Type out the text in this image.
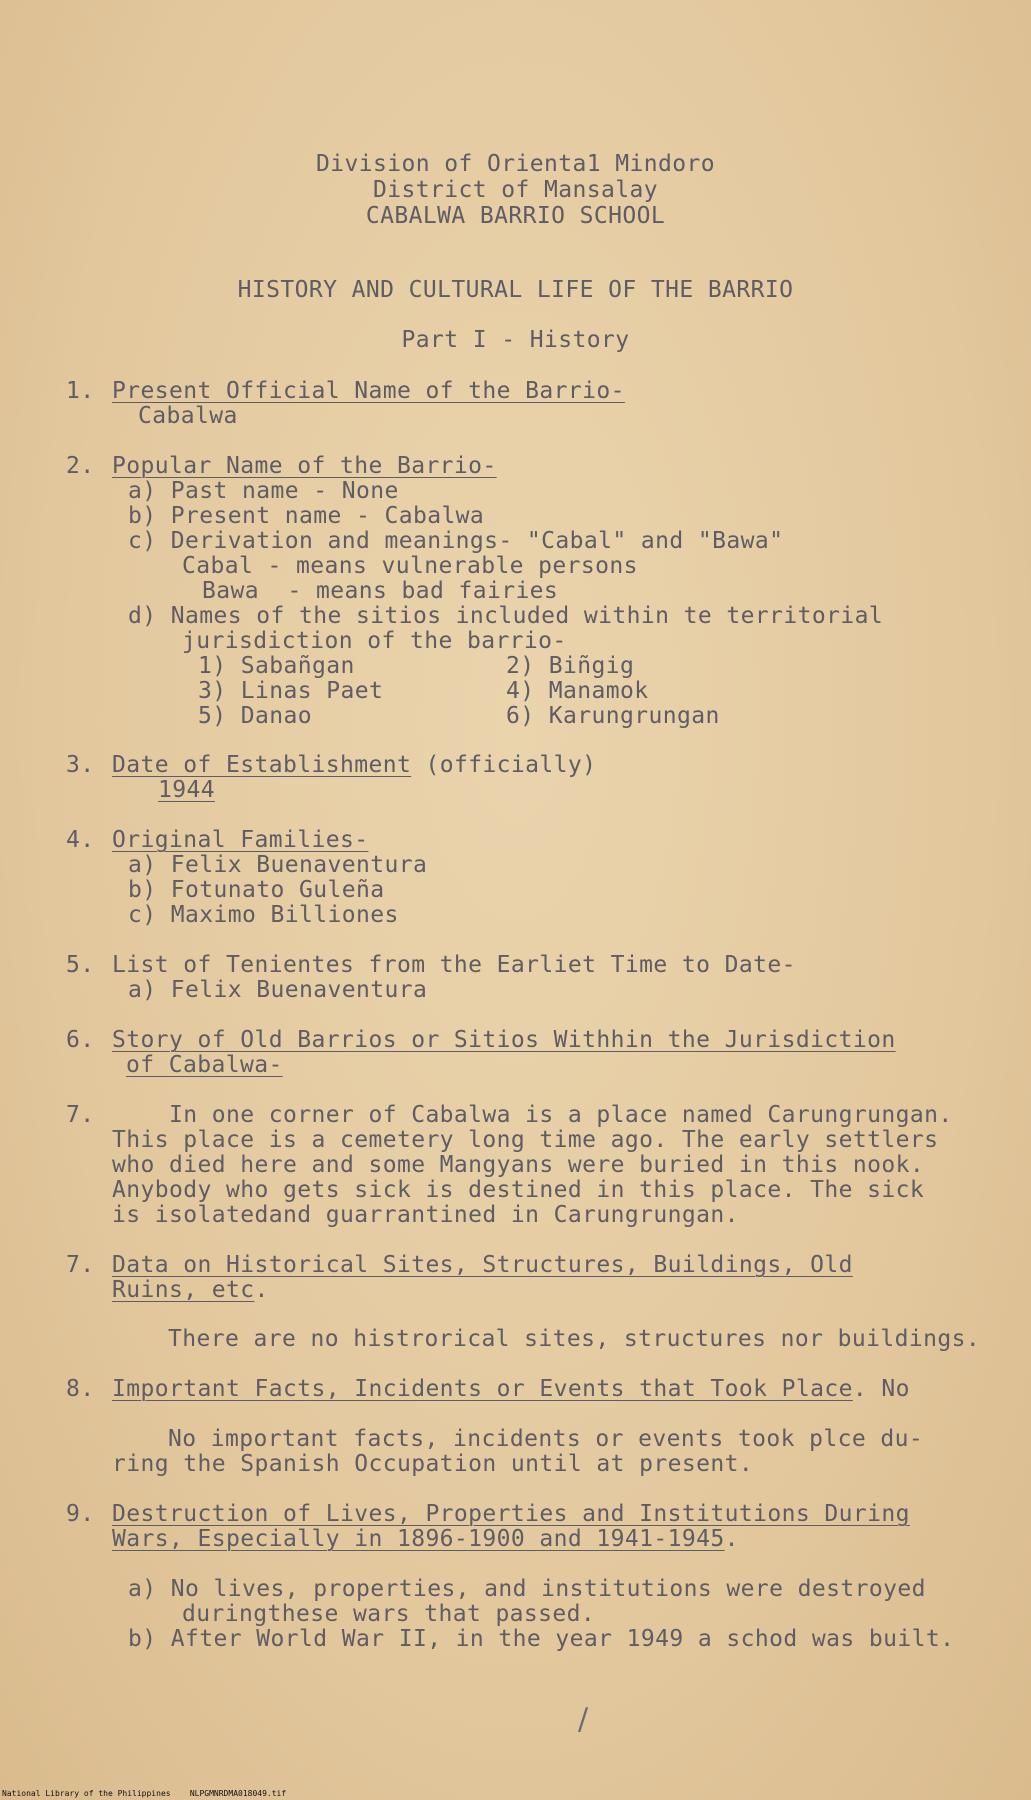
Division of Orienta1 Mindoro
District of Mansalay
CABALWA BARRIO SCHOOL
HISTORY AND CULTURAL LIFE OF THE BARRIO
Part I - History
1. Present Official Name of the Barrio-
Cabalwa
2. Popular Name of the Barrio-
a) Past name - None
b) Present name - Cabalwa
c) Derivation and meanings- "Cabal" and "Bawa"
Cabal - means vulnerable persons
Bawa  - means bad fairies
d) Names of the sitios included within te territorial
jurisdiction of the barrio-
1) Sabañgan	2) Biñgig
3) Linas Paet	4) Manamok
5) Danao	6) Karungrungan
3. Date of Establishment (officially)
1944
4. Original Families-
a) Felix Buenaventura
b) Fotunato Guleña
c) Maximo Billiones
5. List of Tenientes from the Earliet Time to Date-
a) Felix Buenaventura
6. Story of Old Barrios or Sitios Withhin the Jurisdiction
of Cabalwa-
7. In one corner of Cabalwa is a place named Carungrungan.
This place is a cemetery long time ago. The early settlers
who died here and some Mangyans were buried in this nook.
Anybody who gets sick is destined in this place. The sick
is isolatedand guarrantined in Carungrungan.
7. Data on Historical Sites, Structures, Buildings, Old
Ruins, etc.
There are no histrorical sites, structures nor buildings.
8. Important Facts, Incidents or Events that Took Place. No
No important facts, incidents or events took plce du-
ring the Spanish Occupation until at present.
9. Destruction of Lives, Properties and Institutions During
Wars, Especially in 1896-1900 and 1941-1945.
a) No lives, properties, and institutions were destroyed
duringthese wars that passed.
b) After World War II, in the year 1949 a schod was built.
/
National Library of the Philippines NLPGMNRDMA018049.tif
